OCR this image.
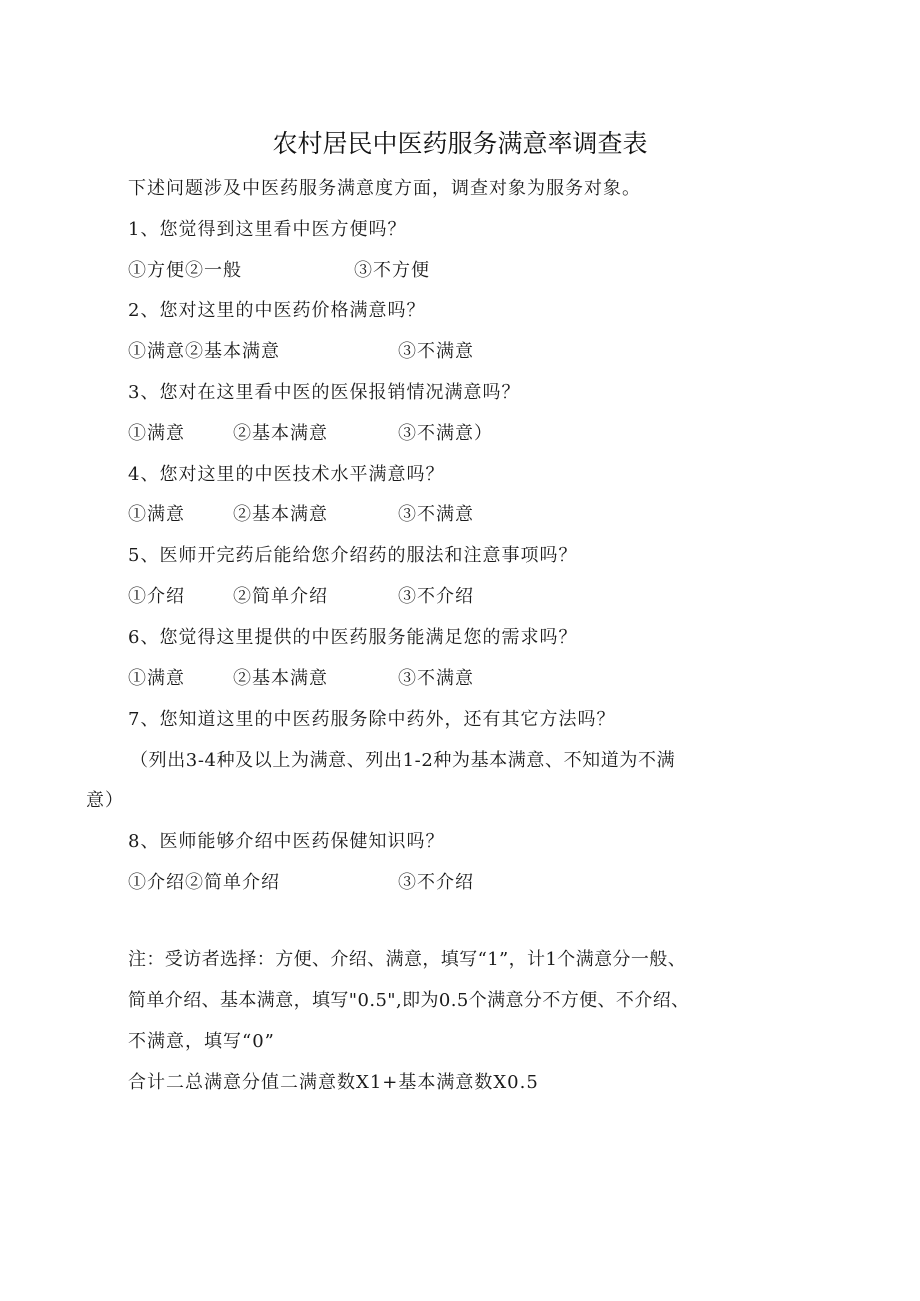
农村居民中医药服务满意率调查表
下述问题涉及中医药服务满意度方面，调查对象为服务对象。
1、您觉得到这里看中医方便吗？
①方便②一般	③不方便
2、您对这里的中医药价格满意吗？
①满意②基本满意	③不满意
3、您对在这里看中医的医保报销情况满意吗？
①满意	②基本满意	③不满意）
4、您对这里的中医技术水平满意吗？
①满意	②基本满意	③不满意
5、医师开完药后能给您介绍药的服法和注意事项吗？
①介绍	②简单介绍	③不介绍
6、您觉得这里提供的中医药服务能满足您的需求吗？
①满意	②基本满意	③不满意
7、您知道这里的中医药服务除中药外，还有其它方法吗？
（列出3-4种及以上为满意、列出1-2种为基本满意、不知道为不满
意）
8、医师能够介绍中医药保健知识吗？
①介绍②简单介绍	③不介绍
注：受访者选择：方便、介绍、满意，填写“1”，计1个满意分一般、
简单介绍、基本满意，填写"0.5",即为0.5个满意分不方便、不介绍、
不满意，填写“0”
合计二总满意分值二满意数X1+基本满意数X0.5
